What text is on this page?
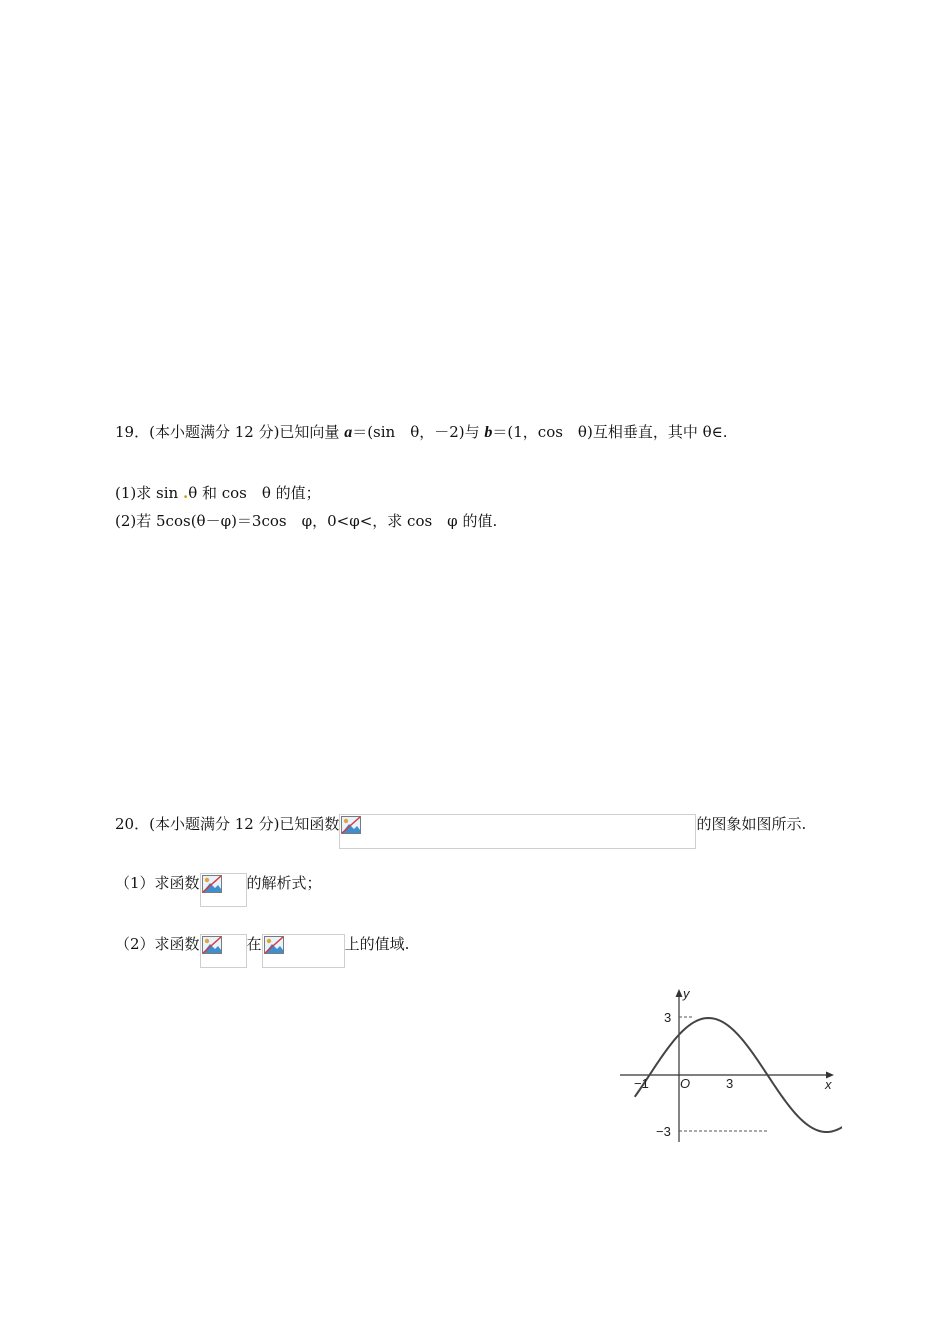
19．(本小题满分 12 分)已知向量 a＝(sin　θ，－2)与 b＝(1，cos　θ)互相垂直，其中 θ∈.
(1)求 sin .θ 和 cos　θ 的值；
(2)若 5cos(θ－φ)＝3cos　φ，0<φ<，求 cos　φ 的值.
20．(本小题满分 12 分)已知函数	的图象如图所示.
（1）求函数	的解析式；
（2）求函数	在	上的值域.
y
x
O
3
−3
−1	3
